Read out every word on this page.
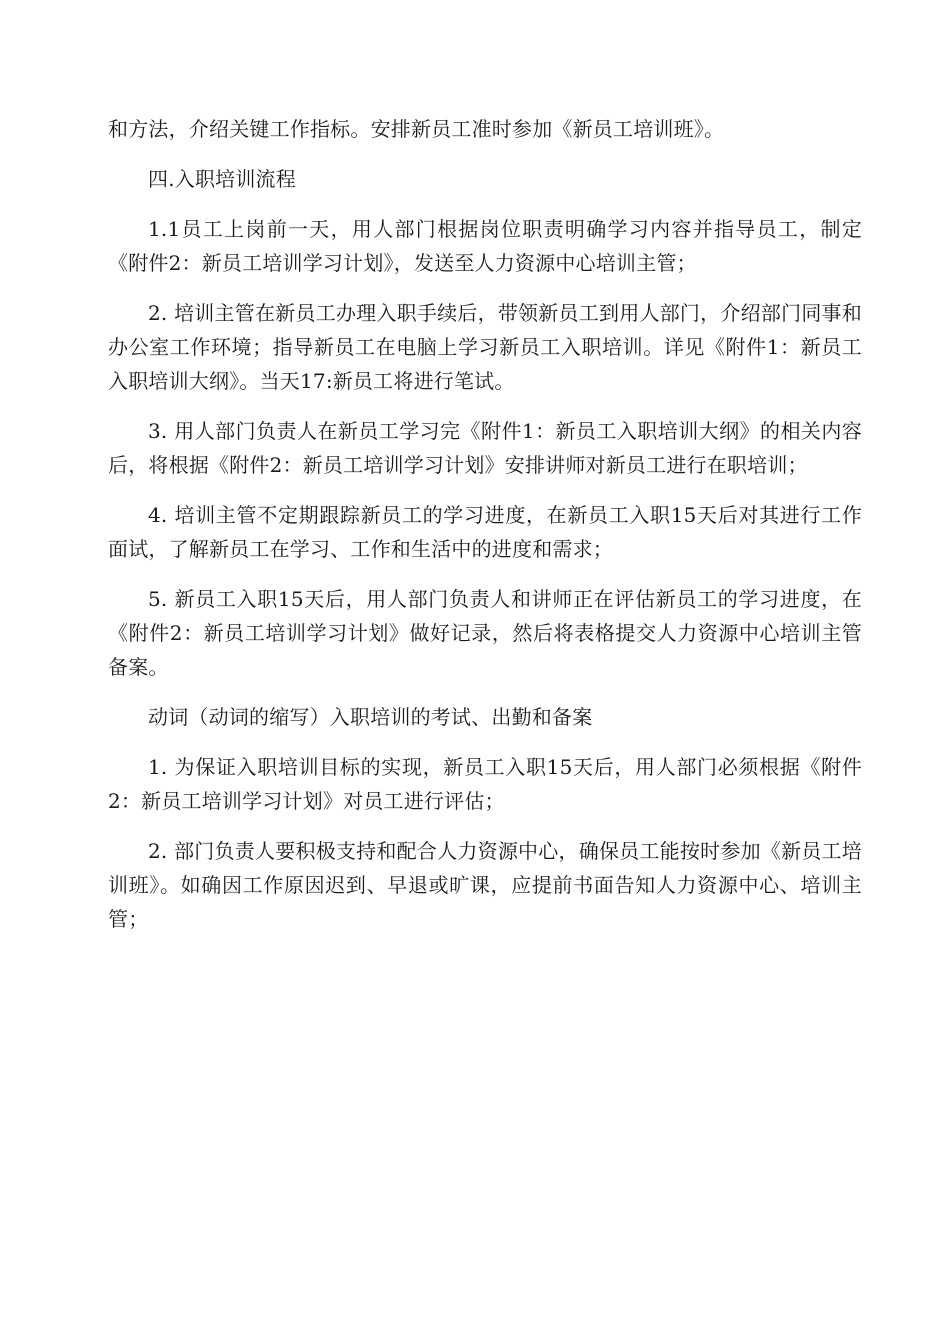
和方法，介绍关键工作指标。安排新员工准时参加《新员工培训班》。

四.入职培训流程

1.1员工上岗前一天，用人部门根据岗位职责明确学习内容并指导员工，制定《附件2：新员工培训学习计划》，发送至人力资源中心培训主管；

2. 培训主管在新员工办理入职手续后，带领新员工到用人部门，介绍部门同事和办公室工作环境；指导新员工在电脑上学习新员工入职培训。详见《附件1：新员工入职培训大纲》。当天17:新员工将进行笔试。

3. 用人部门负责人在新员工学习完《附件1：新员工入职培训大纲》的相关内容后，将根据《附件2：新员工培训学习计划》安排讲师对新员工进行在职培训；

4. 培训主管不定期跟踪新员工的学习进度，在新员工入职15天后对其进行工作面试，了解新员工在学习、工作和生活中的进度和需求；

5. 新员工入职15天后，用人部门负责人和讲师正在评估新员工的学习进度，在《附件2：新员工培训学习计划》做好记录，然后将表格提交人力资源中心培训主管备案。

动词（动词的缩写）入职培训的考试、出勤和备案

1. 为保证入职培训目标的实现，新员工入职15天后，用人部门必须根据《附件2：新员工培训学习计划》对员工进行评估；

2. 部门负责人要积极支持和配合人力资源中心，确保员工能按时参加《新员工培训班》。如确因工作原因迟到、早退或旷课，应提前书面告知人力资源中心、培训主管；
